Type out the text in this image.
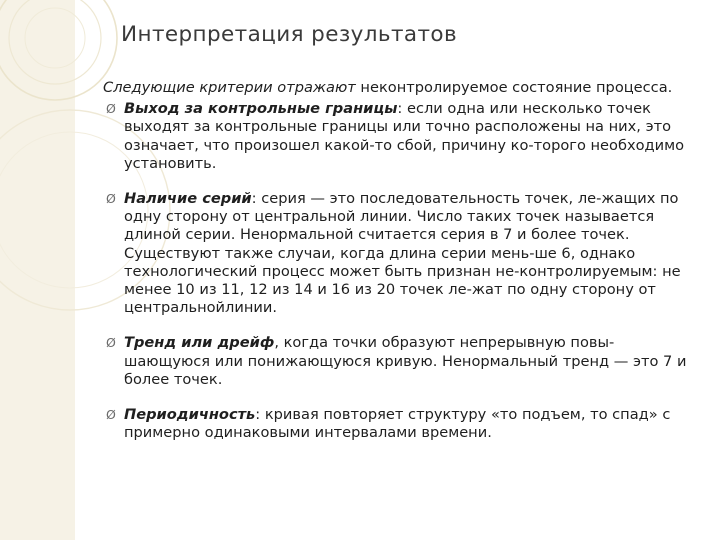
Интерпретация результатов

Следующие критерии отражают неконтролируемое состояние процесса.

Ø Выход за контрольные границы: если одна или несколько точек выходят за контрольные границы или точно расположены на них, это означает, что произошел какой-то сбой, причину ко-торого необходимо установить.
Ø Наличие серий: серия — это последовательность точек, ле-жащих по одну сторону от центральной линии. Число таких точек называется длиной серии. Ненормальной считается серия в 7 и более точек. Существуют также случаи, когда длина серии мень-ше 6, однако технологический процесс может быть признан не-контролируемым: не менее 10 из 11, 12 из 14 и 16 из 20 точек ле-жат по одну сторону от центральнойлинии.
Ø Тренд или дрейф, когда точки образуют непрерывную повы-шающуюся или понижающуюся кривую. Ненормальный тренд — это 7 и более точек.
Ø Периодичность: кривая повторяет структуру «то подъем, то спад» с примерно одинаковыми интервалами времени.
